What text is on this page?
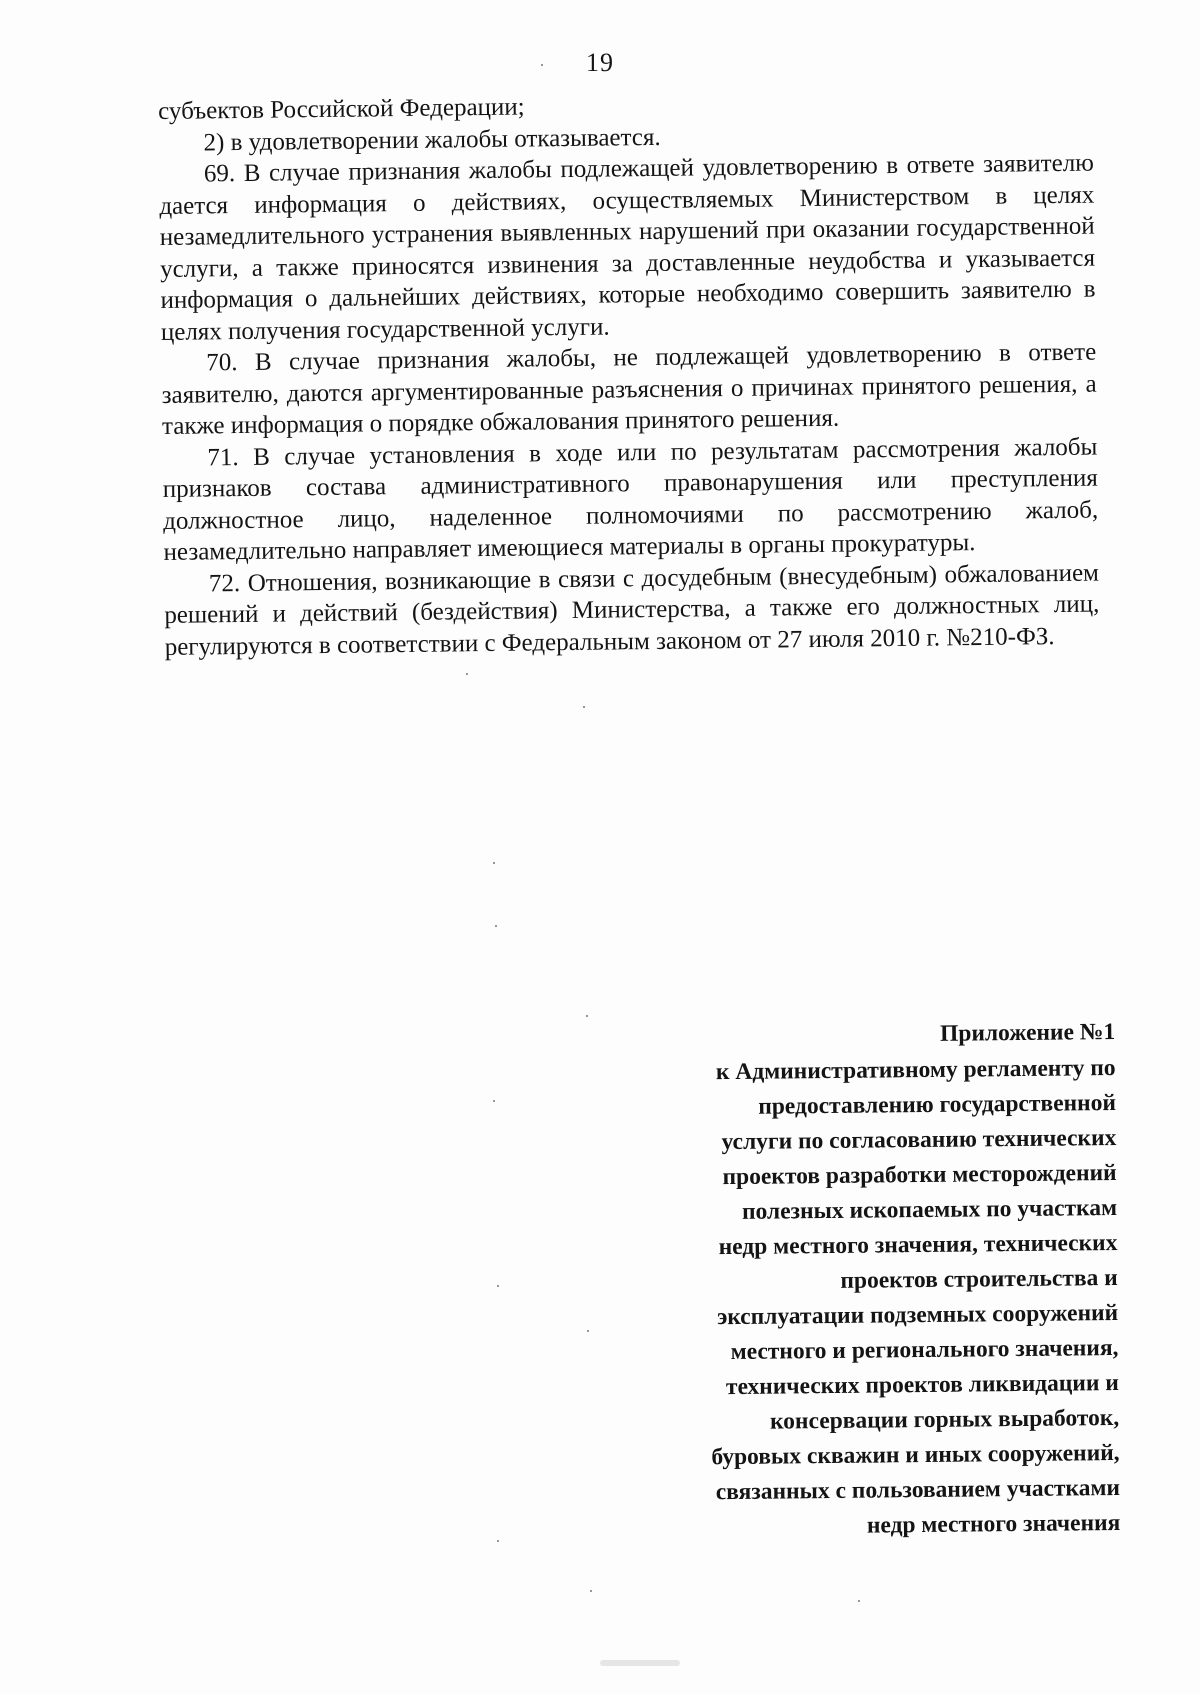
19

субъектов Российской Федерации;

2) в удовлетворении жалобы отказывается.

69. В случае признания жалобы подлежащей удовлетворению в ответе заявителю дается информация о действиях, осуществляемых Министерством в целях незамедлительного устранения выявленных нарушений при оказании государственной услуги, а также приносятся извинения за доставленные неудобства и указывается информация о дальнейших действиях, которые необходимо совершить заявителю в целях получения государственной услуги.

70. В случае признания жалобы, не подлежащей удовлетворению в ответе заявителю, даются аргументированные разъяснения о причинах принятого решения, а также информация о порядке обжалования принятого решения.

71. В случае установления в ходе или по результатам рассмотрения жалобы признаков состава административного правонарушения или преступления должностное лицо, наделенное полномочиями по рассмотрению жалоб, незамедлительно направляет имеющиеся материалы в органы прокуратуры.

72. Отношения, возникающие в связи с досудебным (внесудебным) обжалованием решений и действий (бездействия) Министерства, а также его должностных лиц, регулируются в соответствии с Федеральным законом от 27 июля 2010 г. №210-ФЗ.

Приложение №1
к Административному регламенту по
предоставлению государственной
услуги по согласованию технических
проектов разработки месторождений
полезных ископаемых по участкам
недр местного значения, технических
проектов строительства и
эксплуатации подземных сооружений
местного и регионального значения,
технических проектов ликвидации и
консервации горных выработок,
буровых скважин и иных сооружений,
связанных с пользованием участками
недр местного значения
